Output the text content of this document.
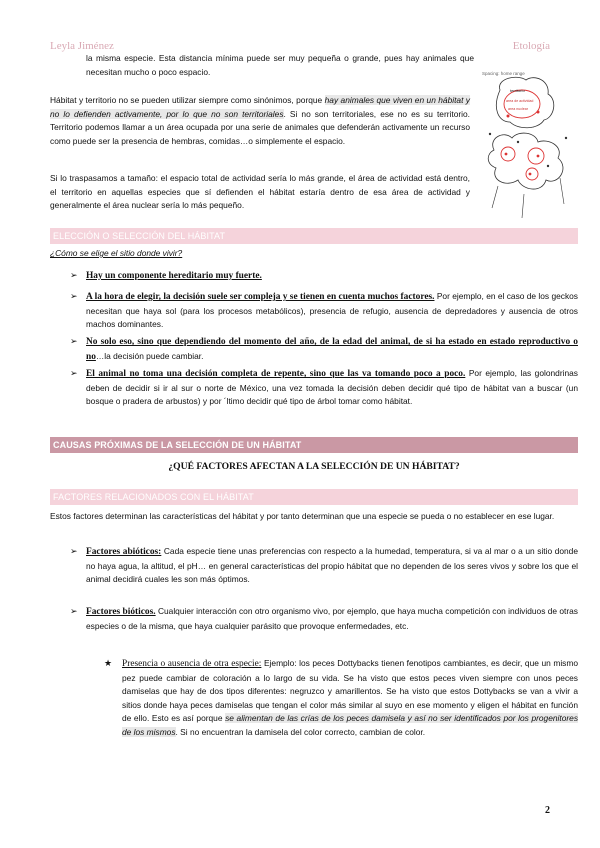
Leyla Jiménez	Etología
la misma especie. Esta distancia mínima puede ser muy pequeña o grande, pues hay animales que necesitan mucho o poco espacio.
Hábitat y territorio no se pueden utilizar siempre como sinónimos, porque hay animales que viven en un hábitat y no lo defienden activamente, por lo que no son territoriales. Si no son territoriales, ese no es su territorio. Territorio podemos llamar a un área ocupada por una serie de animales que defenderán activamente un recurso como puede ser la presencia de hembras, comidas…o simplemente el espacio.
Si lo traspasamos a tamaño: el espacio total de actividad sería lo más grande, el área de actividad está dentro, el territorio en aquellas especies que sí defienden el hábitat estaría dentro de esa área de actividad y generalmente el área nuclear sería lo más pequeño.
Spacing: home range
territorio
area de actividad
area nuclear
ELECCIÓN O SELECCIÓN DEL HÁBITAT
¿Cómo se elige el sitio donde vivir?
➢ Hay un componente hereditario muy fuerte.
➢ A la hora de elegir, la decisión suele ser compleja y se tienen en cuenta muchos factores. Por ejemplo, en el caso de los geckos necesitan que haya sol (para los procesos metabólicos), presencia de refugio, ausencia de depredadores y ausencia de otros machos dominantes.
➢ No solo eso, sino que dependiendo del momento del año, de la edad del animal, de si ha estado en estado reproductivo o no…la decisión puede cambiar.
➢ El animal no toma una decisión completa de repente, sino que las va tomando poco a poco. Por ejemplo, las golondrinas deben de decidir si ir al sur o norte de México, una vez tomada la decisión deben decidir qué tipo de hábitat van a buscar (un bosque o pradera de arbustos) y por ´ltimo decidir qué tipo de árbol tomar como hábitat.
CAUSAS PRÓXIMAS DE LA SELECCIÓN DE UN HÁBITAT
¿QUÉ FACTORES AFECTAN A LA SELECCIÓN DE UN HÁBITAT?
FACTORES RELACIONADOS CON EL HÁBITAT
Estos factores determinan las características del hábitat y por tanto determinan que una especie se pueda o no establecer en ese lugar.
➢ Factores abióticos: Cada especie tiene unas preferencias con respecto a la humedad, temperatura, si va al mar o a un sitio donde no haya agua, la altitud, el pH… en general características del propio hábitat que no dependen de los seres vivos y sobre los que el animal decidirá cuales les son más óptimos.
➢ Factores bióticos. Cualquier interacción con otro organismo vivo, por ejemplo, que haya mucha competición con individuos de otras especies o de la misma, que haya cualquier parásito que provoque enfermedades, etc.
★ Presencia o ausencia de otra especie: Ejemplo: los peces Dottybacks tienen fenotipos cambiantes, es decir, que un mismo pez puede cambiar de coloración a lo largo de su vida. Se ha visto que estos peces viven siempre con unos peces damiselas que hay de dos tipos diferentes: negruzco y amarillentos. Se ha visto que estos Dottybacks se van a vivir a sitios donde haya peces damiselas que tengan el color más similar al suyo en ese momento y eligen el hábitat en función de ello. Esto es así porque se alimentan de las crías de los peces damisela y así no ser identificados por los progenitores de los mismos. Si no encuentran la damisela del color correcto, cambian de color.
2
